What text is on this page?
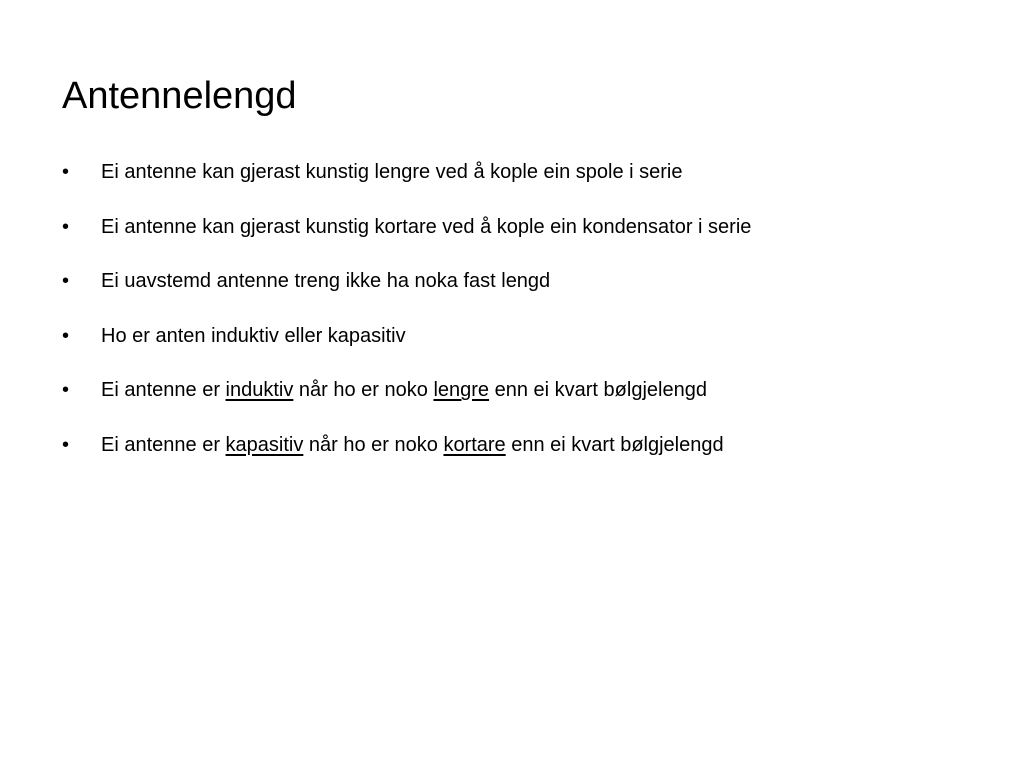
Antennelengd
•	Ei antenne kan gjerast kunstig lengre ved å kople ein spole i serie
•	Ei antenne kan gjerast kunstig kortare ved å kople ein kondensator i serie
•	Ei uavstemd antenne treng ikke ha noka fast lengd
•	Ho er anten induktiv eller kapasitiv
•	Ei antenne er induktiv når ho er noko lengre enn ei kvart bølgjelengd
•	Ei antenne er kapasitiv når ho er noko kortare enn ei kvart bølgjelengd
